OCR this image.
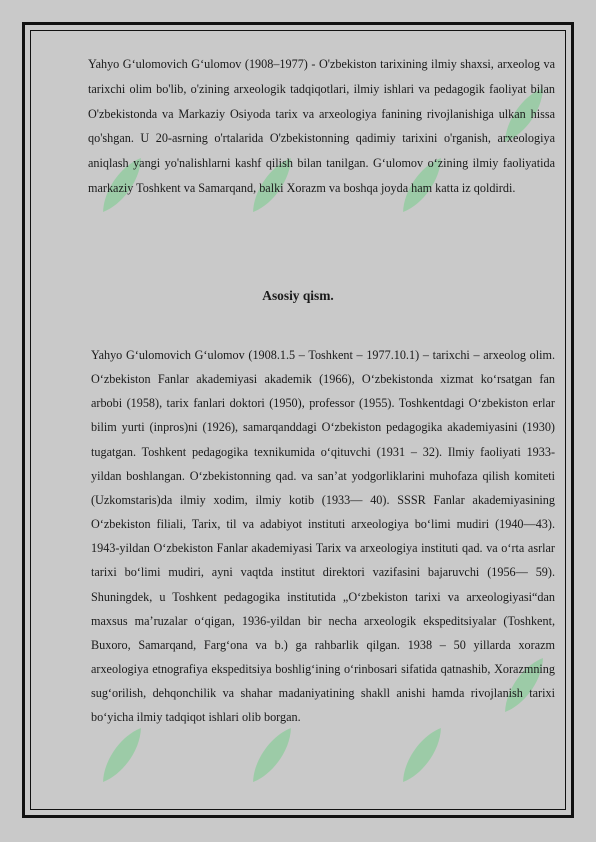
Yahyo G‘ulomovich G‘ulomov (1908–1977) - O'zbekiston tarixining ilmiy shaxsi, arxeolog va tarixchi olim bo'lib, o'zining arxeologik tadqiqotlari, ilmiy ishlari va pedagogik faoliyat bilan O'zbekistonda va Markaziy Osiyoda tarix va arxeologiya fanining rivojlanishiga ulkan hissa qo'shgan. U 20-asrning o'rtalarida O'zbekistonning qadimiy tarixini o'rganish, arxeologiya aniqlash yangi yo'nalishlarni kashf qilish bilan tanilgan. G‘ulomov o‘zining ilmiy faoliyatida markaziy Toshkent va Samarqand, balki Xorazm va boshqa joyda ham katta iz qoldirdi.

Asosiy qism.

Yahyo G‘ulomovich G‘ulomov (1908.1.5 – Toshkent – 1977.10.1) – tarixchi – arxeolog olim. O‘zbekiston Fanlar akademiyasi akademik (1966), O‘zbekistonda xizmat ko‘rsatgan fan arbobi (1958), tarix fanlari doktori (1950), professor (1955). Toshkentdagi O‘zbekiston erlar bilim yurti (inpros)ni (1926), samarqanddagi O‘zbekiston pedagogika akademiyasini (1930) tugatgan. Toshkent pedagogika texnikumida o‘qituvchi (1931 – 32). Ilmiy faoliyati 1933-yildan boshlangan. O‘zbekistonning qad. va san’at yodgorliklarini muhofaza qilish komiteti (Uzkomstaris)da ilmiy xodim, ilmiy kotib (1933— 40). SSSR Fanlar akademiyasining O‘zbekiston filiali, Tarix, til va adabiyot instituti arxeologiya bo‘limi mudiri (1940—43). 1943-yildan O‘zbekiston Fanlar akademiyasi Tarix va arxeologiya instituti qad. va o‘rta asrlar tarixi bo‘limi mudiri, ayni vaqtda institut direktori vazifasini bajaruvchi (1956— 59). Shuningdek, u Toshkent pedagogika institutida „O‘zbekiston tarixi va arxeologiyasi“dan maxsus ma’ruzalar o‘qigan, 1936-yildan bir necha arxeologik ekspeditsiyalar (Toshkent, Buxoro, Samarqand, Farg‘ona va b.) ga rahbarlik qilgan. 1938 – 50 yillarda xorazm arxeologiya etnografiya ekspeditsiya boshlig‘ining o‘rinbosari sifatida qatnashib, Xorazmning sug‘orilish, dehqonchilik va shahar madaniyatining shakll anishi hamda rivojlanish tarixi bo‘yicha ilmiy tadqiqot ishlari olib borgan.
